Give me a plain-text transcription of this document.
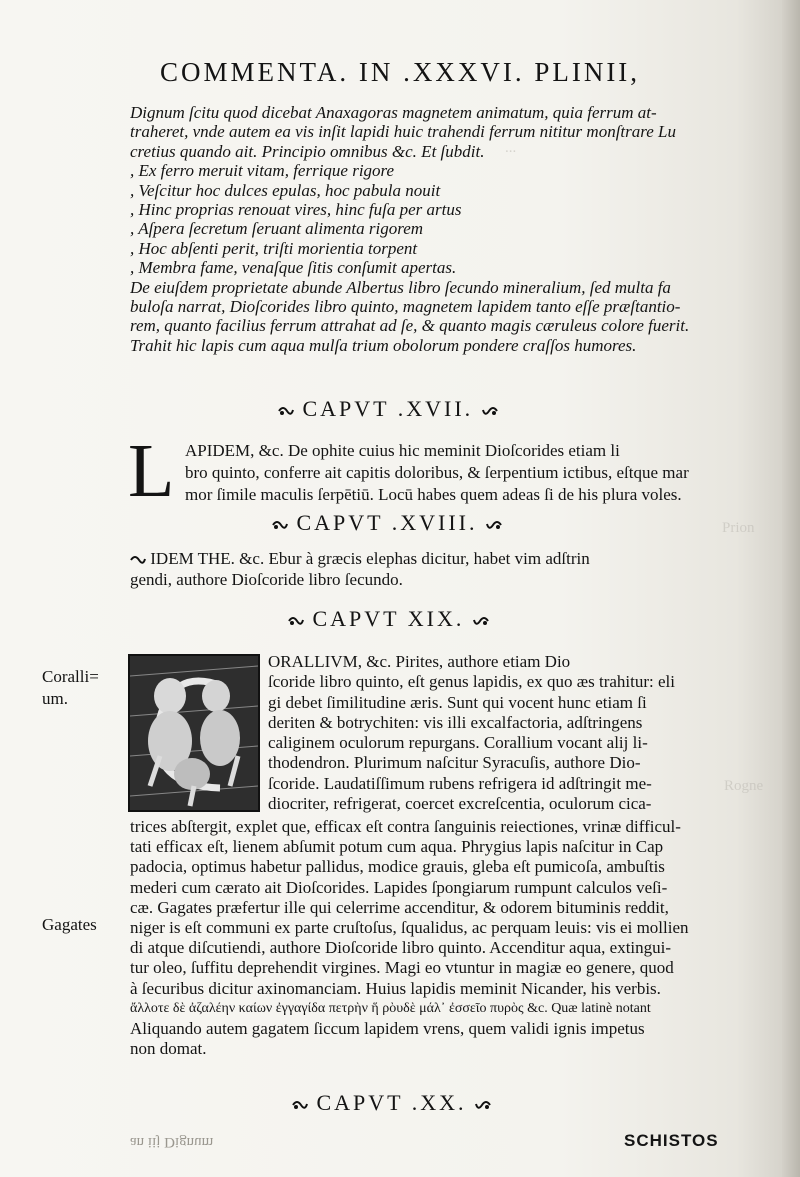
...
Prion
Rogne
COMMENTA. IN .XXXVI. PLINII,
Dignum ſcitu quod dicebat Anaxagoras magnetem animatum, quia ferrum at-
traheret, vnde autem ea vis inſit lapidi huic trahendi ferrum nititur monſtrare Lu
cretius quando ait. Principio omnibus &c. Et ſubdit.
, Ex ferro meruit vitam, ferrique rigore
, Veſcitur hoc dulces epulas, hoc pabula nouit
, Hinc proprias renouat vires, hinc fuſa per artus
, Aſpera ſecretum ſeruant alimenta rigorem
, Hoc abſenti perit, triſti morientia torpent
, Membra fame, venaſque ſitis conſumit apertas.
De eiuſdem proprietate abunde Albertus libro ſecundo mineralium, ſed multa fa
buloſa narrat, Dioſcorides libro quinto, magnetem lapidem tanto eſſe præſtantio-
rem, quanto facilius ferrum attrahat ad ſe, & quanto magis cæruleus colore fuerit.
Trahit hic lapis cum aqua mulſa trium obolorum pondere craſſos humores.
CAPVT .XVII.
L APIDEM, &c. De ophite cuius hic meminit Dioſcorides etiam li
bro quinto, conferre ait capitis doloribus, & ſerpentium ictibus, eſtque mar
mor ſimile maculis ſerpētiū. Locū habes quem adeas ſi de his plura voles.
CAPVT .XVIII.
IDEM THE. &c. Ebur à græcis elephas dicitur, habet vim adſtrin
gendi, authore Dioſcoride libro ſecundo.
CAPVT XIX.
Coralli=
um.
Gagates
ORALLIVM, &c. Pirites, authore etiam Dio
ſcoride libro quinto, eſt genus lapidis, ex quo æs trahitur: eli
gi debet ſimilitudine æris. Sunt qui vocent hunc etiam ſi
deriten & botrychiten: vis illi excalfactoria, adſtringens
caliginem oculorum repurgans. Corallium vocant alij li-
thodendron. Plurimum naſcitur Syracuſis, authore Dio-
ſcoride. Laudatiſſimum rubens refrigera id adſtringit me-
diocriter, refrigerat, coercet excreſcentia, oculorum cica-
trices abſtergit, explet que, efficax eſt contra ſanguinis reiectiones, vrinæ difficul-
tati efficax eſt, lienem abſumit potum cum aqua. Phrygius lapis naſcitur in Cap
padocia, optimus habetur pallidus, modice grauis, gleba eſt pumicoſa, ambuſtis
mederi cum cærato ait Dioſcorides. Lapides ſpongiarum rumpunt calculos veſi-
cæ. Gagates præfertur ille qui celerrime accenditur, & odorem bituminis reddit,
niger is eſt communi ex parte cruſtoſus, ſqualidus, ac perquam leuis: vis ei mollien
di atque diſcutiendi, authore Dioſcoride libro quinto. Accenditur aqua, extingui-
tur oleo, ſuffitu deprehendit virgines. Magi eo vtuntur in magiæ eo genere, quod
à ſecuribus dicitur axinomanciam. Huius lapidis meminit Nicander, his verbis.
ἄλλοτε δὲ ἀζαλέην καίων ἐγγαγίδα πετρὴν ἥ ρὸυδὲ μάλ᾽ ἐσσεῖο πυρὸς &c. Quæ latinè notant
Aliquando autem gagatem ſiccum lapidem vrens, quem validi ignis impetus
non domat.
CAPVT .XX.
an iij Dignum	SCHISTOS
